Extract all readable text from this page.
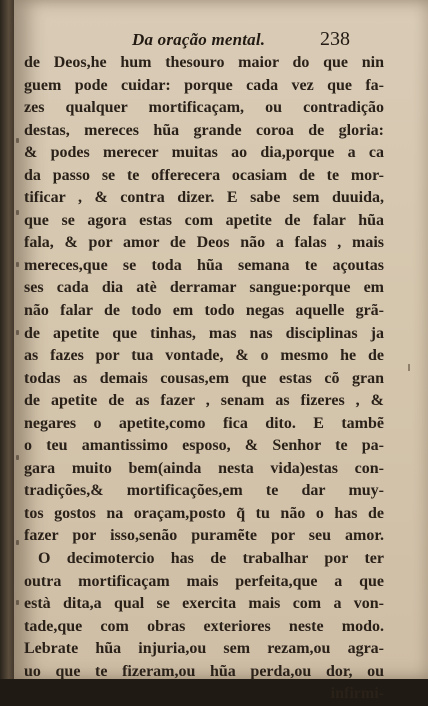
Da oração mental.	238
de Deos,he hum thesouro maior do que nin
guem pode cuidar: porque cada vez que fa-
zes qualquer mortificaçam, ou contradição
destas, mereces hũa grande coroa de gloria:
& podes merecer muitas ao dia,porque a ca
da passo se te offerecera ocasiam de te mor-
tificar , & contra dizer. E sabe sem duuida,
que se agora estas com apetite de falar hũa
fala, & por amor de Deos não a falas , mais
mereces,que se toda hũa semana te açoutas
ses cada dia atè derramar sangue:porque em
não falar de todo em todo negas aquelle grã-
de apetite que tinhas, mas nas disciplinas ja
as fazes por tua vontade, & o mesmo he de
todas as demais cousas,em que estas cõ gran
de apetite de as fazer , senam as fizeres , &
negares o apetite,como fica dito. E tambẽ
o teu amantissimo esposo, & Senhor te pa-
gara muito bem(ainda nesta vida)estas con-
tradições,& mortificações,em te dar muy-
tos gostos na oraçam,posto q̃ tu não o has de
fazer por isso,senão puramẽte por seu amor.
O decimotercio has de trabalhar por ter
outra mortificaçam mais perfeita,que a que
està dita,a qual se exercita mais com a von-
tade,que com obras exteriores neste modo.
Lebrate hũa injuria,ou sem rezam,ou agra-
uo que te fizeram,ou hũa perda,ou dor, ou
infirmi-
